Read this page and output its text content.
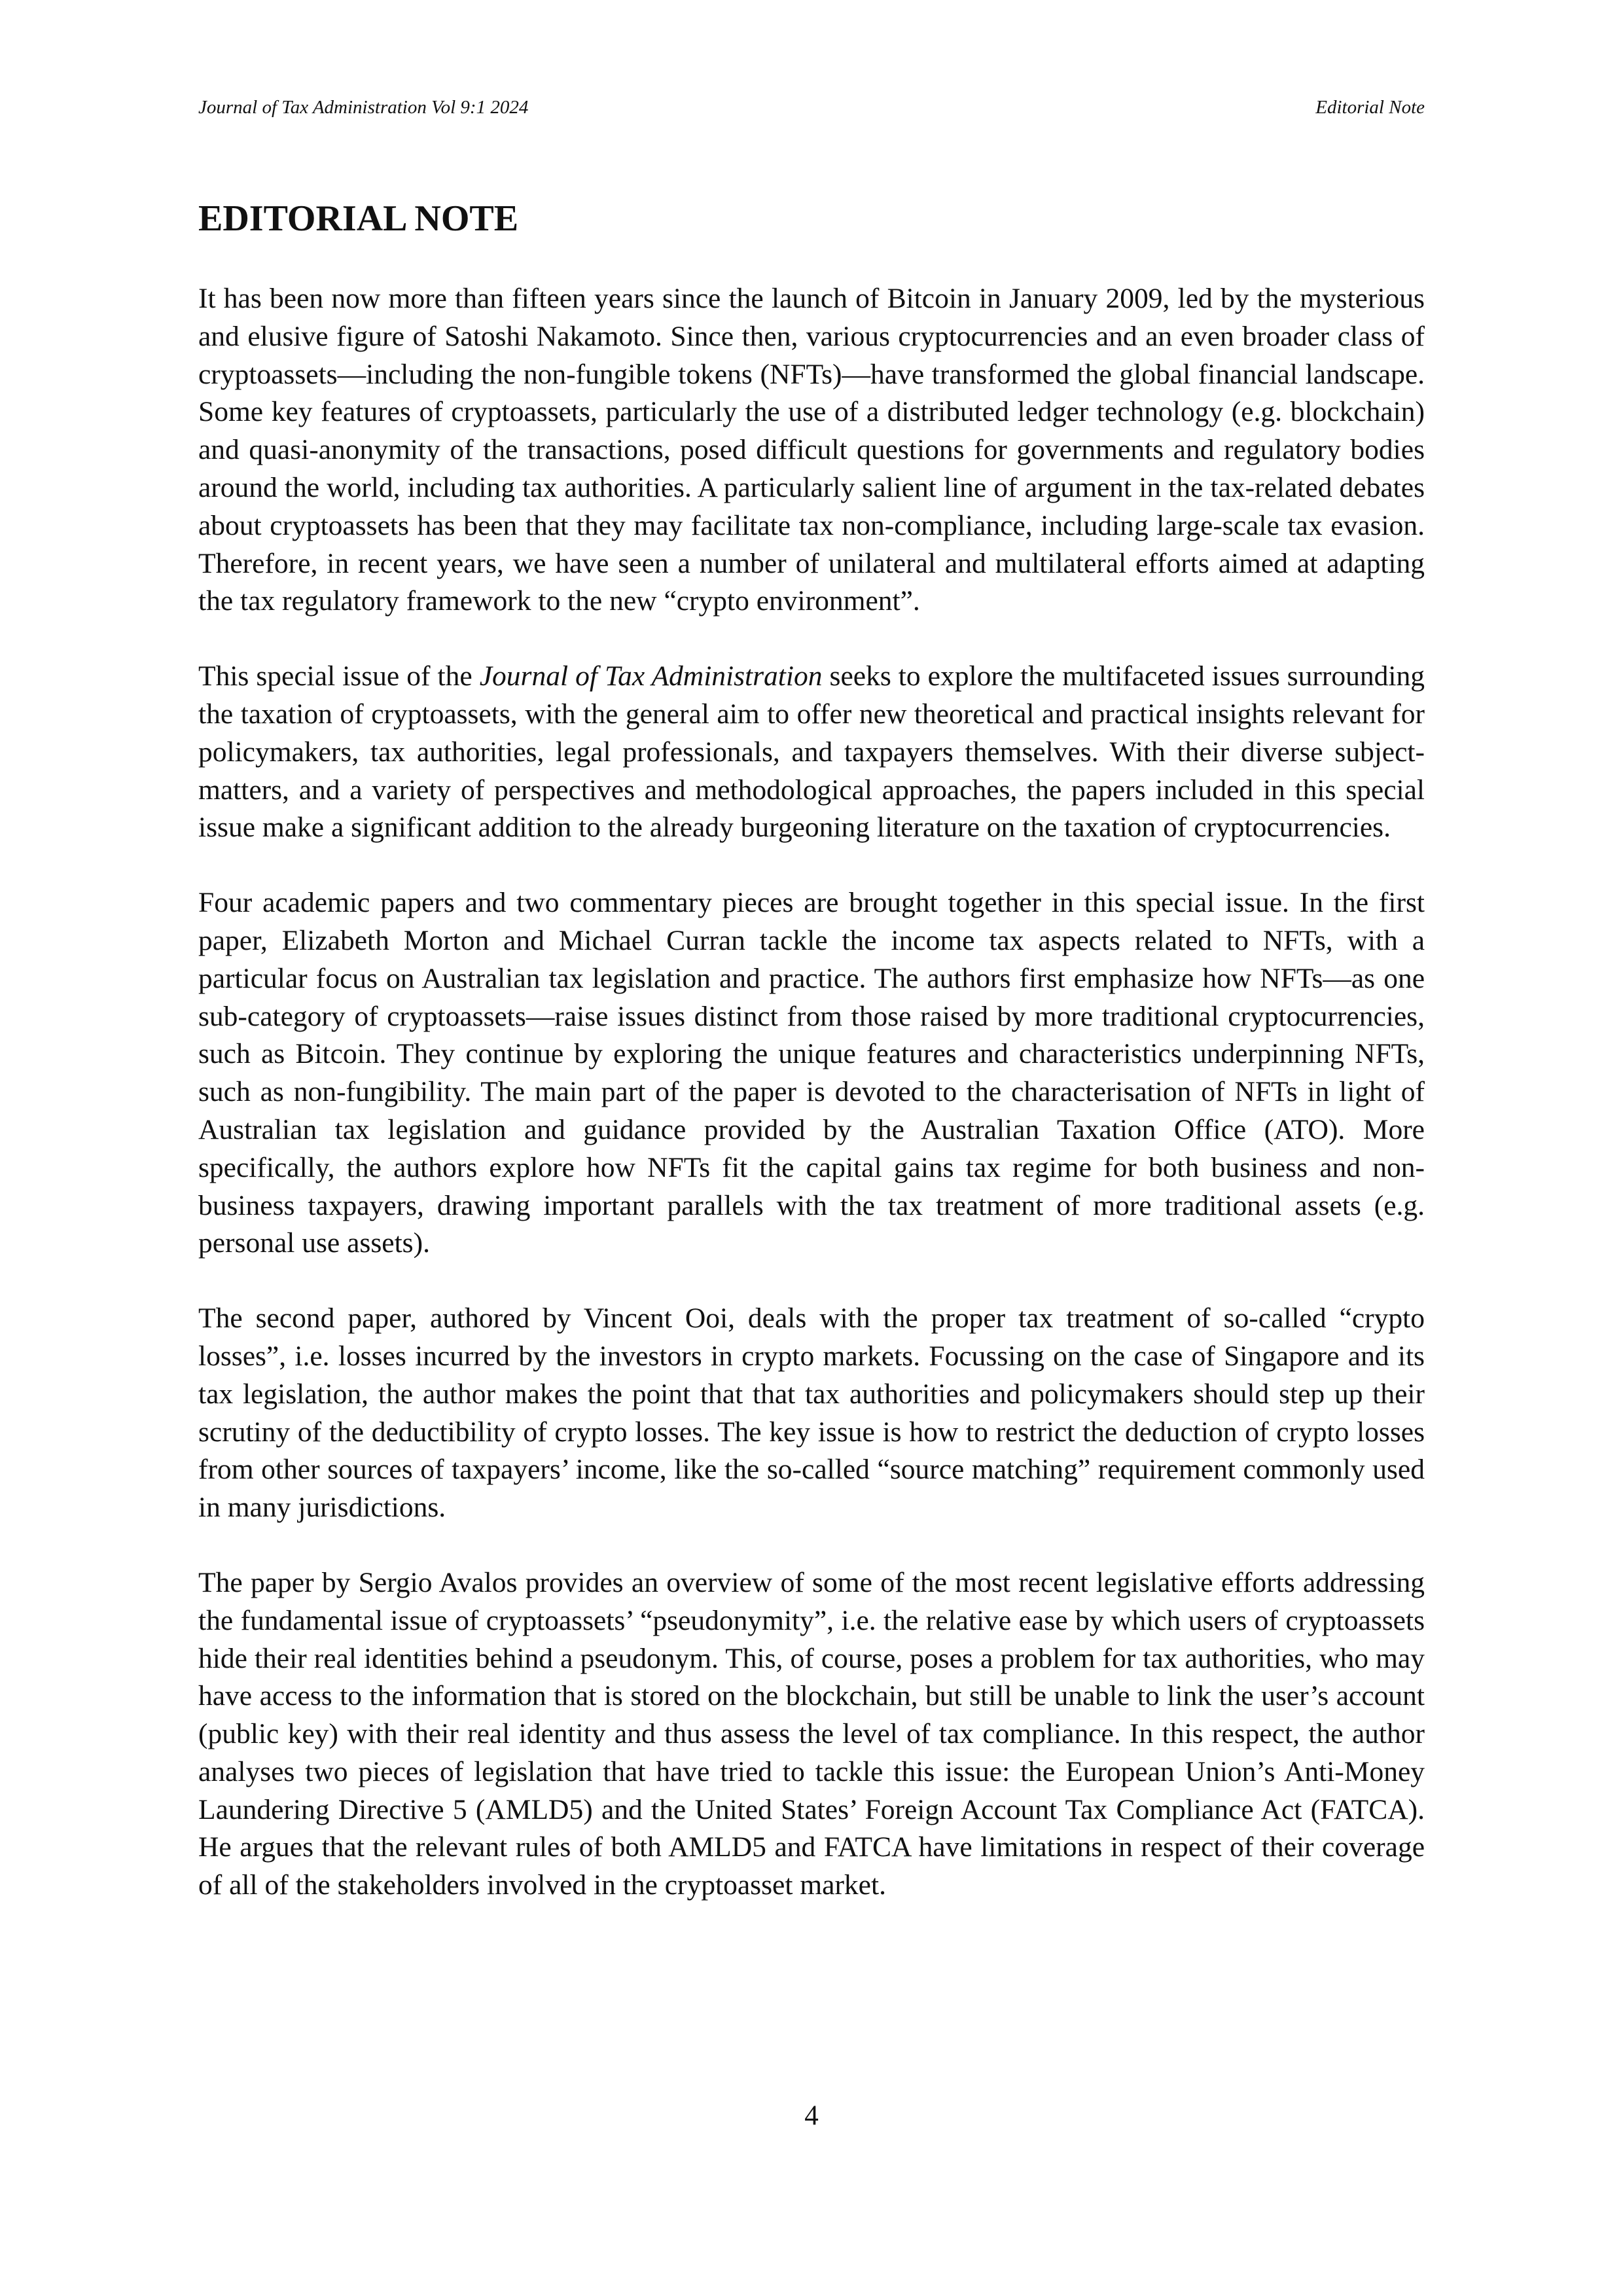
Journal of Tax Administration Vol 9:1 2024	Editorial Note
EDITORIAL NOTE

It has been now more than fifteen years since the launch of Bitcoin in January 2009, led by the mysterious and elusive figure of Satoshi Nakamoto. Since then, various cryptocurrencies and an even broader class of cryptoassets—including the non-fungible tokens (NFTs)—have transformed the global financial landscape. Some key features of cryptoassets, particularly the use of a distributed ledger technology (e.g. blockchain) and quasi-anonymity of the transactions, posed difficult questions for governments and regulatory bodies around the world, including tax authorities. A particularly salient line of argument in the tax-related debates about cryptoassets has been that they may facilitate tax non-compliance, including large-scale tax evasion. Therefore, in recent years, we have seen a number of unilateral and multilateral efforts aimed at adapting the tax regulatory framework to the new “crypto environment”.

This special issue of the Journal of Tax Administration seeks to explore the multifaceted issues surrounding the taxation of cryptoassets, with the general aim to offer new theoretical and practical insights relevant for policymakers, tax authorities, legal professionals, and taxpayers themselves. With their diverse subject-matters, and a variety of perspectives and methodological approaches, the papers included in this special issue make a significant addition to the already burgeoning literature on the taxation of cryptocurrencies.

Four academic papers and two commentary pieces are brought together in this special issue. In the first paper, Elizabeth Morton and Michael Curran tackle the income tax aspects related to NFTs, with a particular focus on Australian tax legislation and practice. The authors first emphasize how NFTs—as one sub-category of cryptoassets—raise issues distinct from those raised by more traditional cryptocurrencies, such as Bitcoin. They continue by exploring the unique features and characteristics underpinning NFTs, such as non-fungibility. The main part of the paper is devoted to the characterisation of NFTs in light of Australian tax legislation and guidance provided by the Australian Taxation Office (ATO). More specifically, the authors explore how NFTs fit the capital gains tax regime for both business and non-business taxpayers, drawing important parallels with the tax treatment of more traditional assets (e.g. personal use assets).

The second paper, authored by Vincent Ooi, deals with the proper tax treatment of so-called “crypto losses”, i.e. losses incurred by the investors in crypto markets. Focussing on the case of Singapore and its tax legislation, the author makes the point that that tax authorities and policymakers should step up their scrutiny of the deductibility of crypto losses. The key issue is how to restrict the deduction of crypto losses from other sources of taxpayers’ income, like the so-called “source matching” requirement commonly used in many jurisdictions.

The paper by Sergio Avalos provides an overview of some of the most recent legislative efforts addressing the fundamental issue of cryptoassets’ “pseudonymity”, i.e. the relative ease by which users of cryptoassets hide their real identities behind a pseudonym. This, of course, poses a problem for tax authorities, who may have access to the information that is stored on the blockchain, but still be unable to link the user’s account (public key) with their real identity and thus assess the level of tax compliance. In this respect, the author analyses two pieces of legislation that have tried to tackle this issue: the European Union’s Anti-Money Laundering Directive 5 (AMLD5) and the United States’ Foreign Account Tax Compliance Act (FATCA). He argues that the relevant rules of both AMLD5 and FATCA have limitations in respect of their coverage of all of the stakeholders involved in the cryptoasset market.

4
